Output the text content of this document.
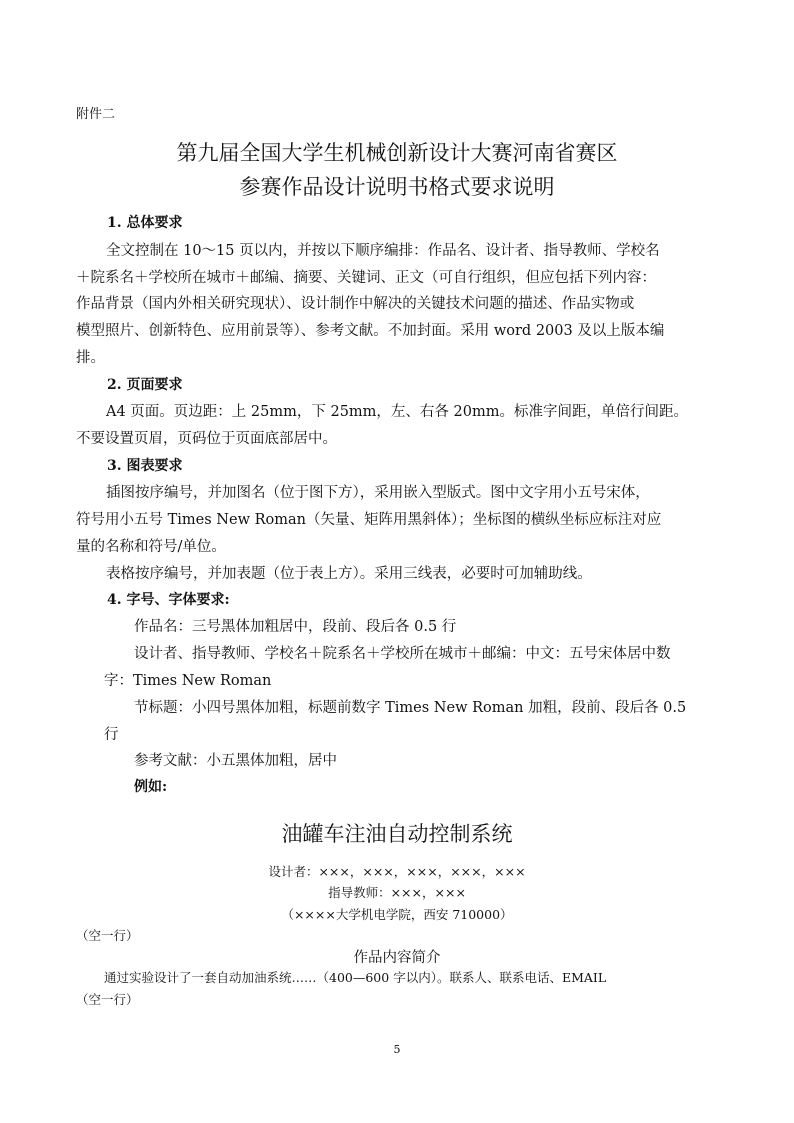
附件二
第九届全国大学生机械创新设计大赛河南省赛区
参赛作品设计说明书格式要求说明
1. 总体要求
全文控制在 10～15 页以内，并按以下顺序编排：作品名、设计者、指导教师、学校名
＋院系名＋学校所在城市＋邮编、摘要、关键词、正文（可自行组织，但应包括下列内容：
作品背景（国内外相关研究现状）、设计制作中解决的关键技术问题的描述、作品实物或
模型照片、创新特色、应用前景等）、参考文献。不加封面。采用 word 2003 及以上版本编
排。
2. 页面要求
A4 页面。页边距：上 25mm，下 25mm，左、右各 20mm。标准字间距，单倍行间距。
不要设置页眉，页码位于页面底部居中。
3. 图表要求
插图按序编号，并加图名（位于图下方），采用嵌入型版式。图中文字用小五号宋体，
符号用小五号 Times New Roman（矢量、矩阵用黑斜体）；坐标图的横纵坐标应标注对应
量的名称和符号/单位。
表格按序编号，并加表题（位于表上方）。采用三线表，必要时可加辅助线。
4. 字号、字体要求:
作品名：三号黑体加粗居中，段前、段后各 0.5 行
设计者、指导教师、学校名＋院系名＋学校所在城市＋邮编：中文：五号宋体居中数
字：Times New Roman
节标题：小四号黑体加粗，标题前数字 Times New Roman 加粗，段前、段后各 0.5
行
参考文献：小五黑体加粗，居中
例如:
油罐车注油自动控制系统
设计者：×××，×××，×××，×××，×××
指导教师：×××，×××
（××××大学机电学院，西安 710000）
（空一行）
作品内容简介
通过实验设计了一套自动加油系统……（400—600 字以内）。联系人、联系电话、EMAIL
（空一行）
5
